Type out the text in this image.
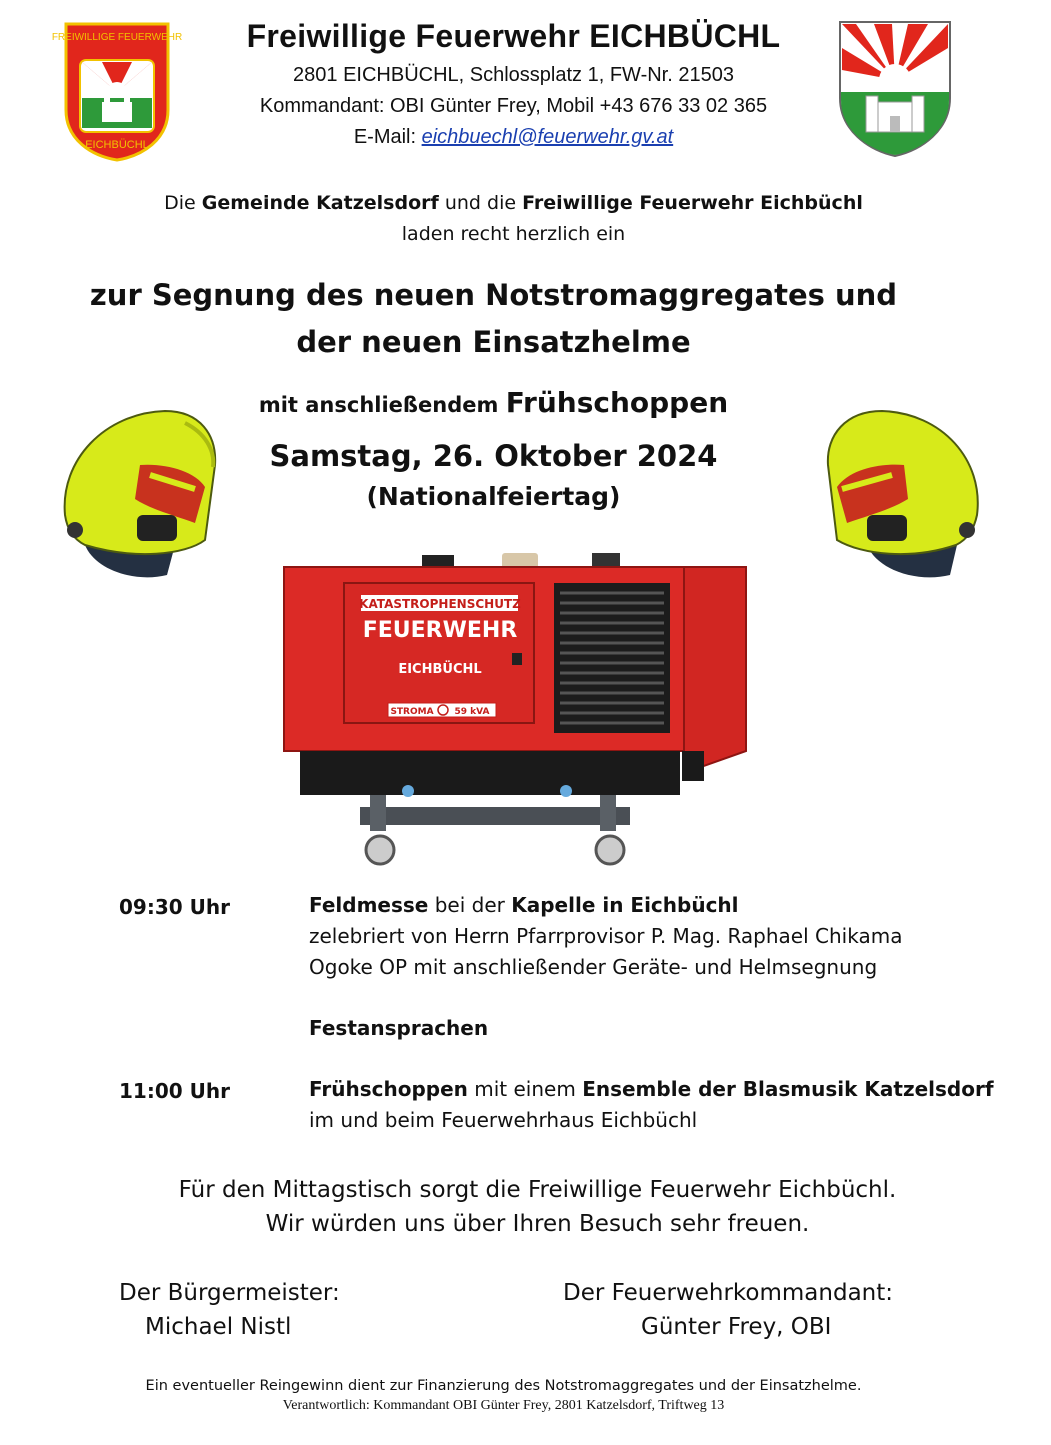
FREIWILLIGE FEUERWEHR
EICHBÜCHL
Freiwillige Feuerwehr EICHBÜCHL
2801 EICHBÜCHL, Schlossplatz 1, FW-Nr. 21503
Kommandant: OBI Günter Frey, Mobil +43 676 33 02 365
E-Mail: eichbuechl@feuerwehr.gv.at
Die Gemeinde Katzelsdorf und die Freiwillige Feuerwehr Eichbüchl
laden recht herzlich ein
zur Segnung des neuen Notstromaggregates und
der neuen Einsatzhelme
mit anschließendem Frühschoppen
Samstag, 26. Oktober 2024
(Nationalfeiertag)
KATASTROPHENSCHUTZ
FEUERWEHR
EICHBÜCHL
STROMA 59 kVA
09:30 Uhr	Feldmesse bei der Kapelle in Eichbüchl
zelebriert von Herrn Pfarrprovisor P. Mag. Raphael Chikama
Ogoke OP mit anschließender Geräte- und Helmsegnung
Festansprachen
11:00 Uhr	Frühschoppen mit einem Ensemble der Blasmusik Katzelsdorf
im und beim Feuerwehrhaus Eichbüchl
Für den Mittagstisch sorgt die Freiwillige Feuerwehr Eichbüchl.
Wir würden uns über Ihren Besuch sehr freuen.
Der Bürgermeister:
Michael Nistl
Der Feuerwehrkommandant:
Günter Frey, OBI
Ein eventueller Reingewinn dient zur Finanzierung des Notstromaggregates und der Einsatzhelme.
Verantwortlich: Kommandant OBI Günter Frey, 2801 Katzelsdorf, Triftweg 13
